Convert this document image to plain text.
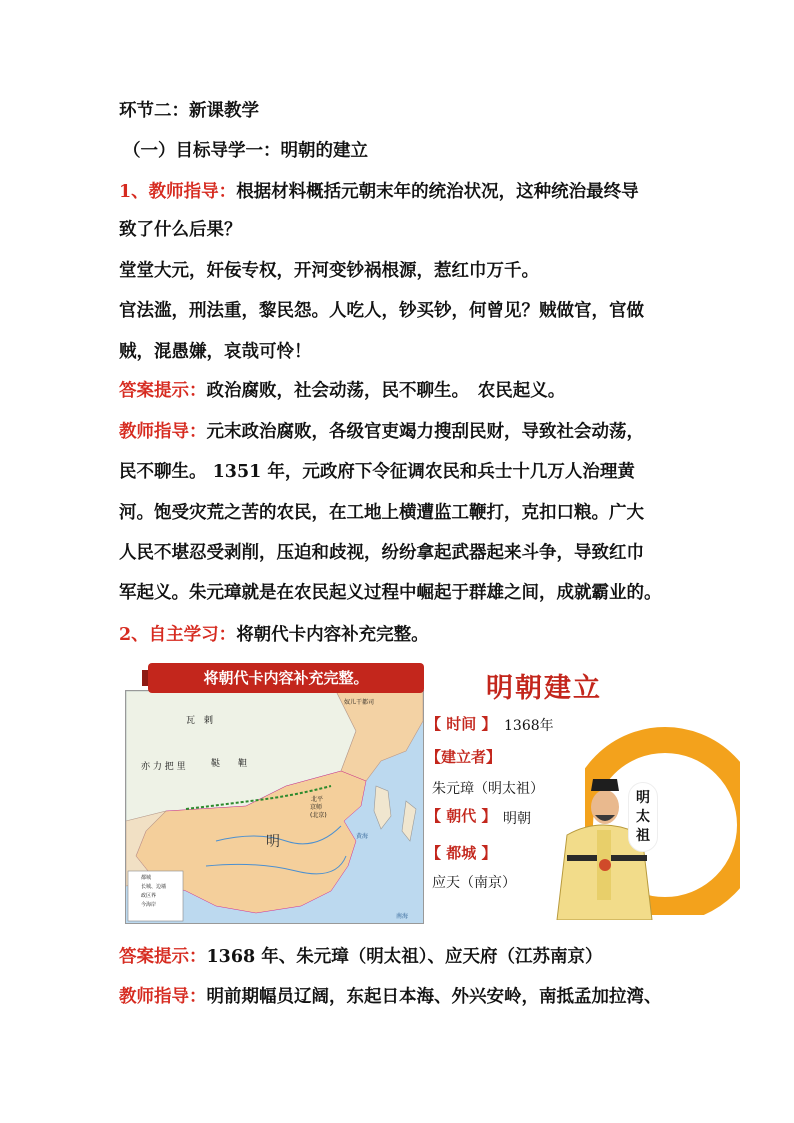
环节二：新课教学
（一）目标导学一：明朝的建立
1、教师指导：根据材料概括元朝末年的统治状况，这种统治最终导
致了什么后果？
堂堂大元，奸佞专权，开河变钞祸根源，惹红巾万千。
官法滥，刑法重，黎民怨。人吃人，钞买钞，何曾见？贼做官，官做
贼，混愚嫌，哀哉可怜！
答案提示：政治腐败，社会动荡，民不聊生。　农民起义。
教师指导：元末政治腐败，各级官吏竭力搜刮民财，导致社会动荡，
民不聊生。 1351 年，元政府下令征调农民和兵士十几万人治理黄
河。饱受灾荒之苦的农民，在工地上横遭监工鞭打，克扣口粮。广大
人民不堪忍受剥削，压迫和歧视，纷纷拿起武器起来斗争，导致红巾
军起义。朱元璋就是在农民起义过程中崛起于群雄之间，成就霸业的。
2、自主学习：将朝代卡内容补充完整。
瓦　剌
鞑　　靼
亦 力 把 里
明
奴儿干都司
北平
京师
(北京)
黄海
南海
都城
长城、边墙
政区界
今海岸
将朝代卡内容补充完整。	明朝建立
【 时间 】 1368年
【建立者】
朱元璋（明太祖）
【 朝代 】 明朝
【 都城 】
应天（南京）
明
太
祖
答案提示：1368 年、朱元璋（明太祖）、应天府（江苏南京）
教师指导：明前期幅员辽阔，东起日本海、外兴安岭，南抵孟加拉湾、
